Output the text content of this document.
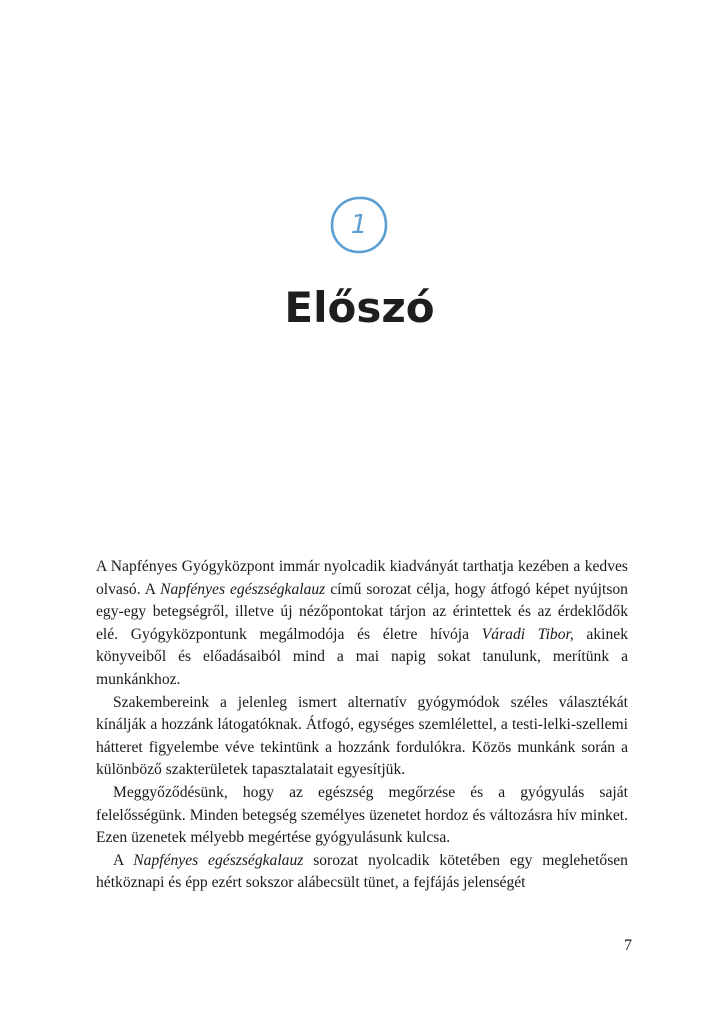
1
Előszó

A Napfényes Gyógyközpont immár nyolcadik kiadványát tarthatja kezében a kedves olvasó. A Napfényes egészségkalauz című sorozat célja, hogy átfogó képet nyújtson egy-egy betegségről, illetve új nézőpontokat tárjon az érintettek és az érdeklődők elé. Gyógyközpontunk megálmodója és életre hívója Váradi Tibor, akinek könyveiből és előadásaiból mind a mai napig sokat tanulunk, merítünk a munkánkhoz.

Szakembereink a jelenleg ismert alternatív gyógymódok széles választékát kínálják a hozzánk látogatóknak. Átfogó, egységes szemlélettel, a testi-lelki-szellemi hátteret figyelembe véve tekintünk a hozzánk fordulókra. Közös munkánk során a különböző szakterületek tapasztalatait egyesítjük.

Meggyőződésünk, hogy az egészség megőrzése és a gyógyulás saját felelősségünk. Minden betegség személyes üzenetet hordoz és változásra hív minket. Ezen üzenetek mélyebb megértése gyógyulásunk kulcsa.

A Napfényes egészségkalauz sorozat nyolcadik kötetében egy meglehetősen hétköznapi és épp ezért sokszor alábecsült tünet, a fejfájás jelenségét

7
